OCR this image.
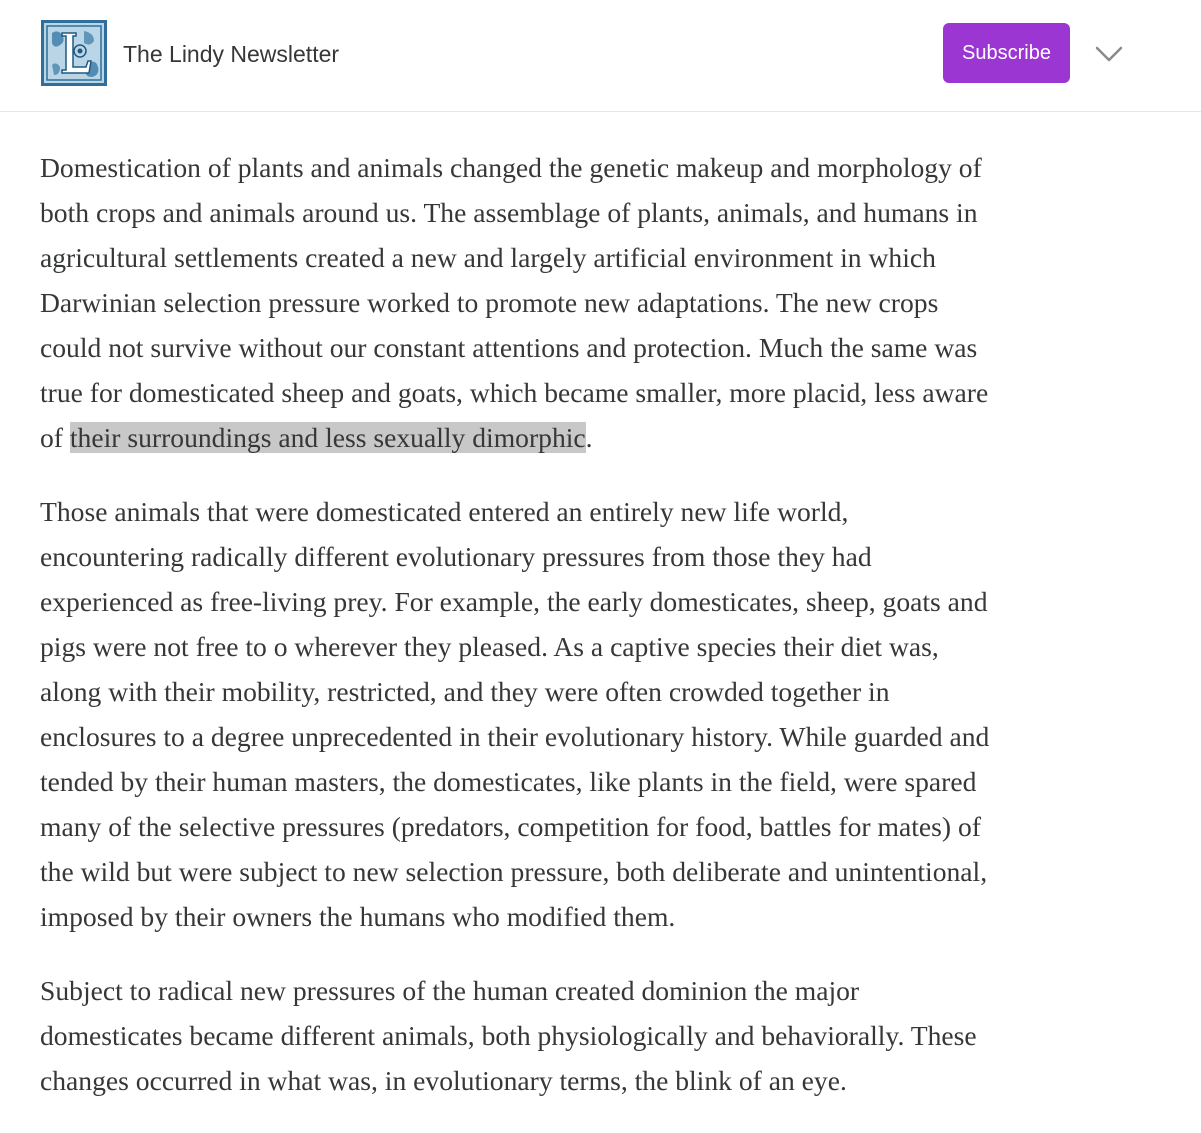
The Lindy Newsletter	Subscribe

Domestication of plants and animals changed the genetic makeup and morphology of
both crops and animals around us. The assemblage of plants, animals, and humans in
agricultural settlements created a new and largely artificial environment in which
Darwinian selection pressure worked to promote new adaptations. The new crops
could not survive without our constant attentions and protection. Much the same was
true for domesticated sheep and goats, which became smaller, more placid, less aware
of their surroundings and less sexually dimorphic.

Those animals that were domesticated entered an entirely new life world,
encountering radically different evolutionary pressures from those they had
experienced as free-living prey. For example, the early domesticates, sheep, goats and
pigs were not free to o wherever they pleased. As a captive species their diet was,
along with their mobility, restricted, and they were often crowded together in
enclosures to a degree unprecedented in their evolutionary history. While guarded and
tended by their human masters, the domesticates, like plants in the field, were spared
many of the selective pressures (predators, competition for food, battles for mates) of
the wild but were subject to new selection pressure, both deliberate and unintentional,
imposed by their owners the humans who modified them.

Subject to radical new pressures of the human created dominion the major
domesticates became different animals, both physiologically and behaviorally. These
changes occurred in what was, in evolutionary terms, the blink of an eye.
